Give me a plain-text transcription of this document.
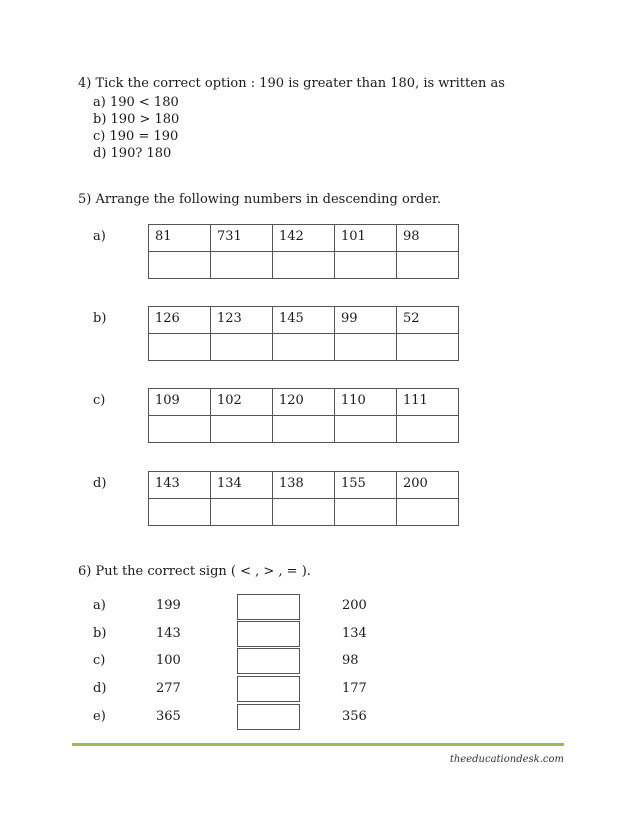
4) Tick the correct option : 190 is greater than 180, is written as
a) 190 < 180
b) 190 > 180
c) 190 = 190
d) 190? 180
5) Arrange the following numbers in descending order.
a)	81	731	142	101	98

b)	126	123	145	99	52

c)	109	102	120	110	111

d)	143	134	138	155	200

6) Put the correct sign ( < , > , = ).
a)	199	200
b)	143	134
c)	100	98
d)	277	177
e)	365	356
theeducationdesk.com
